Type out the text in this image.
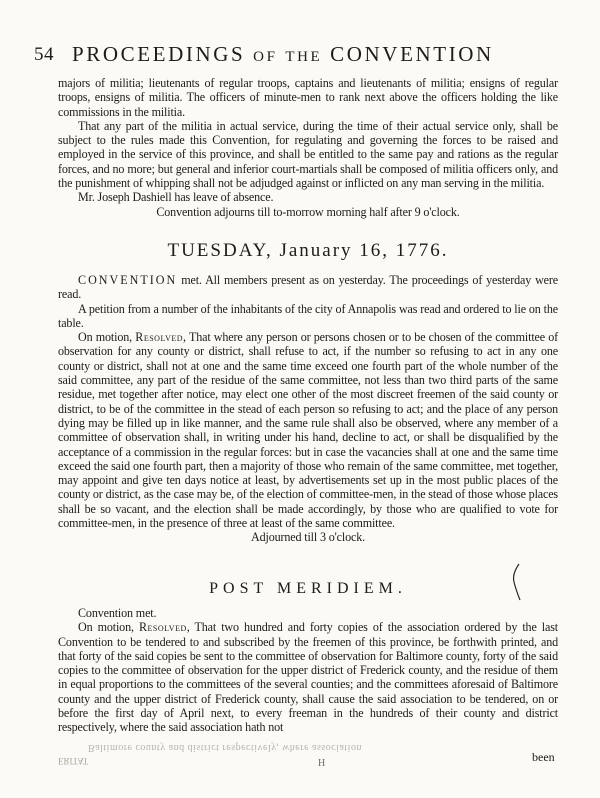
54 PROCEEDINGS of the CONVENTION

majors of militia; lieutenants of regular troops, captains and lieutenants of militia; ensigns of regular troops, ensigns of militia. The officers of minute-men to rank next above the officers holding the like commissions in the militia.

That any part of the militia in actual service, during the time of their actual service only, shall be subject to the rules made this Convention, for regulating and governing the forces to be raised and employed in the service of this province, and shall be entitled to the same pay and rations as the regular forces, and no more; but general and inferior court-martials shall be composed of militia officers only, and the punishment of whipping shall not be adjudged against or inflicted on any man serving in the militia.

Mr. Joseph Dashiell has leave of absence.

Convention adjourns till to-morrow morning half after 9 o'clock.

TUESDAY, January 16, 1776.

CONVENTION met. All members present as on yesterday. The proceedings of yesterday were read.

A petition from a number of the inhabitants of the city of Annapolis was read and ordered to lie on the table.

On motion, Resolved, That where any person or persons chosen or to be chosen of the committee of observation for any county or district, shall refuse to act, if the number so refusing to act in any one county or district, shall not at one and the same time exceed one fourth part of the whole number of the said committee, any part of the residue of the same committee, not less than two third parts of the same residue, met together after notice, may elect one other of the most discreet freemen of the said county or district, to be of the committee in the stead of each person so refusing to act; and the place of any person dying may be filled up in like manner, and the same rule shall also be observed, where any member of a committee of observation shall, in writing under his hand, decline to act, or shall be disqualified by the acceptance of a commission in the regular forces: but in case the vacancies shall at one and the same time exceed the said one fourth part, then a majority of those who remain of the same committee, met together, may appoint and give ten days notice at least, by advertisements set up in the most public places of the county or district, as the case may be, of the election of committee-men, in the stead of those whose places shall be so vacant, and the election shall be made accordingly, by those who are qualified to vote for committee-men, in the presence of three at least of the same committee.

Adjourned till 3 o'clock.

POST MERIDIEM.

Convention met.

On motion, Resolved, That two hundred and forty copies of the association ordered by the last Convention to be tendered to and subscribed by the freemen of this province, be forthwith printed, and that forty of the said copies be sent to the committee of observation for Baltimore county, forty of the said copies to the committee of observation for the upper district of Frederick county, and the residue of them in equal proportions to the committees of the several counties; and the committees aforesaid of Baltimore county and the upper district of Frederick county, shall cause the said association to be tendered, on or before the first day of April next, to every freeman in the hundreds of their county and district respectively, where the said association hath not

Baltimore county and district respectively, where association
ERITAT	H	been
